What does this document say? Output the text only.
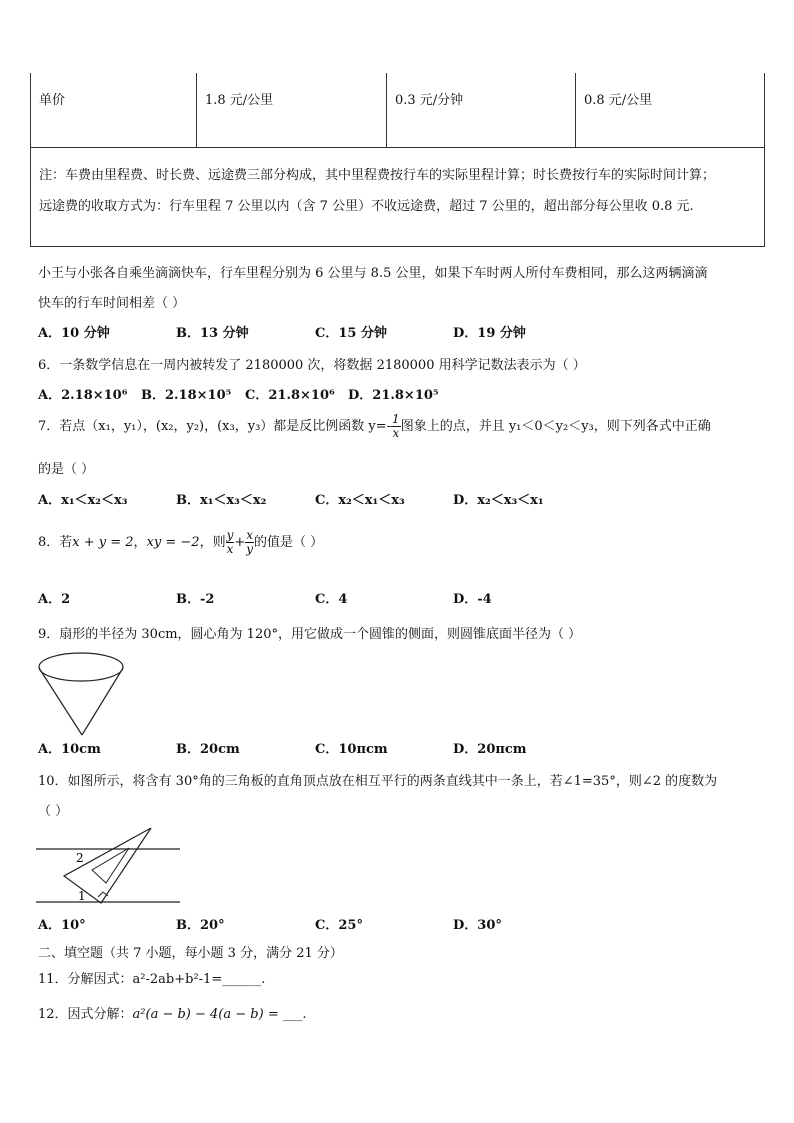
单价	1.8 元/公里	0.3 元/分钟	0.8 元/公里

注：车费由里程费、时长费、远途费三部分构成，其中里程费按行车的实际里程计算；时长费按行车的实际时间计算；
远途费的收取方式为：行车里程 7 公里以内（含 7 公里）不收远途费，超过 7 公里的，超出部分每公里收 0.8 元.
小王与小张各自乘坐滴滴快车，行车里程分别为 6 公里与 8.5 公里，如果下车时两人所付车费相同，那么这两辆滴滴
快车的行车时间相差（ ）
A．10 分钟	B．13 分钟	C．15 分钟	D．19 分钟
6．一条数学信息在一周内被转发了 2180000 次，将数据 2180000 用科学记数法表示为（ ）
A．2.18×10⁶ B．2.18×10⁵ C．21.8×10⁶ D．21.8×10⁵
7．若点（x₁，y₁），(x₂，y₂)，(x₃，y₃）都是反比例函数 $y=- \frac{1}{x}$ 图象上的点，并且 y₁＜0＜y₂＜y₃，则下列各式中正确
的是（ ）
A．x₁＜x₂＜x₃	B．x₁＜x₃＜x₂	C．x₂＜x₁＜x₃	D．x₂＜x₃＜x₁
8．若x + y = 2，xy = −2，则 $\frac{y}{x} + \frac{x}{y}$ 的值是（ ）
A．2	B．-2	C．4	D．-4
9．扇形的半径为 30cm，圆心角为 120°，用它做成一个圆锥的侧面，则圆锥底面半径为（ ）
A．10cm	B．20cm	C．10πcm	D．20πcm
10．如图所示，将含有 30°角的三角板的直角顶点放在相互平行的两条直线其中一条上，若∠1=35°，则∠2 的度数为
（ ）
2
1
A．10°	B．20°	C．25°	D．30°
二、填空题（共 7 小题，每小题 3 分，满分 21 分）
11．分解因式：a²-2ab+b²-1=______.
12．因式分解：a²(a − b) − 4(a − b) = ___.
